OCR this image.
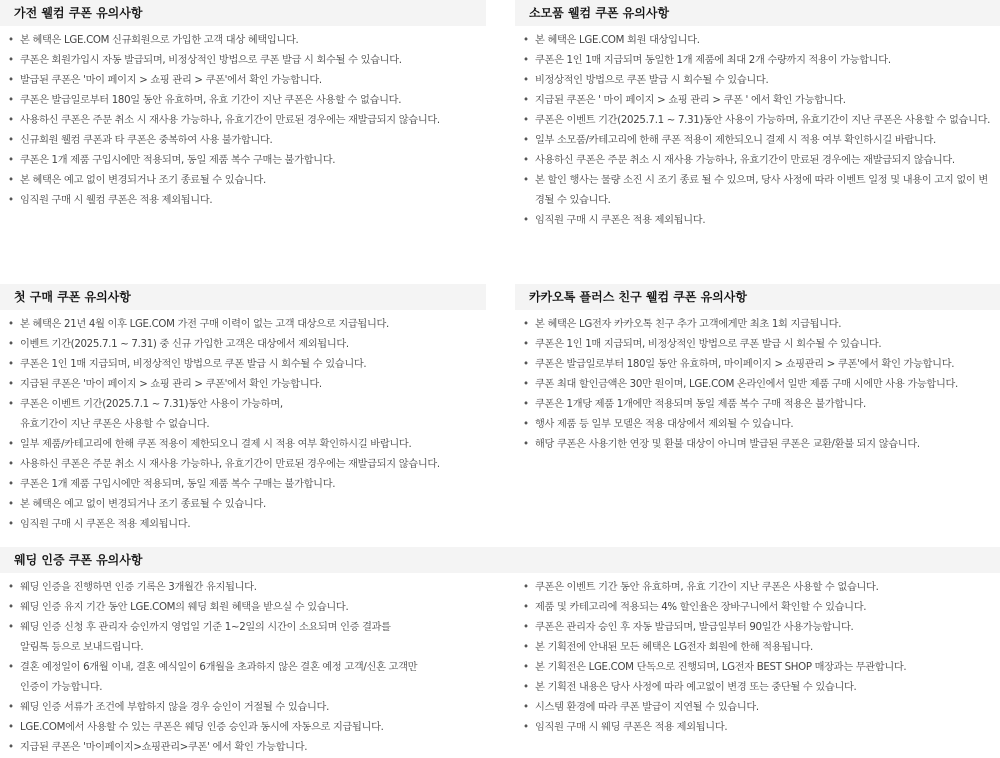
가전 웰컴 쿠폰 유의사항	소모품 웰컴 쿠폰 유의사항
첫 구매 쿠폰 유의사항	카카오톡 플러스 친구 웰컴 쿠폰 유의사항
웨딩 인증 쿠폰 유의사항
• 본 혜택은 LGE.COM 신규회원으로 가입한 고객 대상 혜택입니다.
• 쿠폰은 회원가입시 자동 발급되며, 비정상적인 방법으로 쿠폰 발급 시 회수될 수 있습니다.
• 발급된 쿠폰은 '마이 페이지 > 쇼핑 관리 > 쿠폰'에서 확인 가능합니다.
• 쿠폰은 발급일로부터 180일 동안 유효하며, 유효 기간이 지난 쿠폰은 사용할 수 없습니다.
• 사용하신 쿠폰은 주문 취소 시 재사용 가능하나, 유효기간이 만료된 경우에는 재발급되지 않습니다.
• 신규회원 웰컴 쿠폰과 타 쿠폰은 중복하여 사용 불가합니다.
• 쿠폰은 1개 제품 구입시에만 적용되며, 동일 제품 복수 구매는 불가합니다.
• 본 혜택은 예고 없이 변경되거나 조기 종료될 수 있습니다.
• 임직원 구매 시 웰컴 쿠폰은 적용 제외됩니다.
• 본 혜택은 LGE.COM 회원 대상입니다.
• 쿠폰은 1인 1매 지급되며 동일한 1개 제품에 최대 2개 수량까지 적용이 가능합니다.
• 비정상적인 방법으로 쿠폰 발급 시 회수될 수 있습니다.
• 지급된 쿠폰은 ' 마이 페이지 > 쇼핑 관리 > 쿠폰 ' 에서 확인 가능합니다.
• 쿠폰은 이벤트 기간(2025.7.1 ~ 7.31)동안 사용이 가능하며, 유효기간이 지난 쿠폰은 사용할 수 없습니다.
• 일부 소모품/카테고리에 한해 쿠폰 적용이 제한되오니 결제 시 적용 여부 확인하시길 바랍니다.
• 사용하신 쿠폰은 주문 취소 시 재사용 가능하나, 유효기간이 만료된 경우에는 재발급되지 않습니다.
• 본 할인 행사는 물량 소진 시 조기 종료 될 수 있으며, 당사 사정에 따라 이벤트 일정 및 내용이 고지 없이 변경될 수 있습니다.
• 임직원 구매 시 쿠폰은 적용 제외됩니다.
• 본 혜택은 21년 4월 이후 LGE.COM 가전 구매 이력이 없는 고객 대상으로 지급됩니다.
• 이벤트 기간(2025.7.1 ~ 7.31) 중 신규 가입한 고객은 대상에서 제외됩니다.
• 쿠폰은 1인 1매 지급되며, 비정상적인 방법으로 쿠폰 발급 시 회수될 수 있습니다.
• 지급된 쿠폰은 '마이 페이지 > 쇼핑 관리 > 쿠폰'에서 확인 가능합니다.
• 쿠폰은 이벤트 기간(2025.7.1 ~ 7.31)동안 사용이 가능하며,
유효기간이 지난 쿠폰은 사용할 수 없습니다.
• 일부 제품/카테고리에 한해 쿠폰 적용이 제한되오니 결제 시 적용 여부 확인하시길 바랍니다.
• 사용하신 쿠폰은 주문 취소 시 재사용 가능하나, 유효기간이 만료된 경우에는 재발급되지 않습니다.
• 쿠폰은 1개 제품 구입시에만 적용되며, 동일 제품 복수 구매는 불가합니다.
• 본 혜택은 예고 없이 변경되거나 조기 종료될 수 있습니다.
• 임직원 구매 시 쿠폰은 적용 제외됩니다.
• 본 혜택은 LG전자 카카오톡 친구 추가 고객에게만 최초 1회 지급됩니다.
• 쿠폰은 1인 1매 지급되며, 비정상적인 방법으로 쿠폰 발급 시 회수될 수 있습니다.
• 쿠폰은 발급일로부터 180일 동안 유효하며, 마이페이지 > 쇼핑관리 > 쿠폰'에서 확인 가능합니다.
• 쿠폰 최대 할인금액은 30만 원이며, LGE.COM 온라인에서 일반 제품 구매 시에만 사용 가능합니다.
• 쿠폰은 1개당 제품 1개에만 적용되며 동일 제품 복수 구매 적용은 불가합니다.
• 행사 제품 등 일부 모델은 적용 대상에서 제외될 수 있습니다.
• 해당 쿠폰은 사용기한 연장 및 환불 대상이 아니며 발급된 쿠폰은 교환/환불 되지 않습니다.
• 웨딩 인증을 진행하면 인증 기록은 3개월간 유지됩니다.
• 웨딩 인증 유지 기간 동안 LGE.COM의 웨딩 회원 혜택을 받으실 수 있습니다.
• 웨딩 인증 신청 후 관리자 승인까지 영업일 기준 1~2일의 시간이 소요되며 인증 결과를
알림톡 등으로 보내드립니다.
• 결혼 예정일이 6개월 이내, 결혼 예식일이 6개월을 초과하지 않은 결혼 예정 고객/신혼 고객만
인증이 가능합니다.
• 웨딩 인증 서류가 조건에 부합하지 않을 경우 승인이 거절될 수 있습니다.
• LGE.COM에서 사용할 수 있는 쿠폰은 웨딩 인증 승인과 동시에 자동으로 지급됩니다.
• 지급된 쿠폰은 '마이페이지>쇼핑관리>쿠폰' 에서 확인 가능합니다.
• 쿠폰은 이벤트 기간 동안 유효하며, 유효 기간이 지난 쿠폰은 사용할 수 없습니다.
• 제품 및 카테고리에 적용되는 4% 할인율은 장바구니에서 확인할 수 있습니다.
• 쿠폰은 관리자 승인 후 자동 발급되며, 발급일부터 90일간 사용가능합니다.
• 본 기획전에 안내된 모든 혜택은 LG전자 회원에 한해 적용됩니다.
• 본 기획전은 LGE.COM 단독으로 진행되며, LG전자 BEST SHOP 매장과는 무관합니다.
• 본 기획전 내용은 당사 사정에 따라 예고없이 변경 또는 중단될 수 있습니다.
• 시스템 환경에 따라 쿠폰 발급이 지연될 수 있습니다.
• 임직원 구매 시 웨딩 쿠폰은 적용 제외됩니다.
